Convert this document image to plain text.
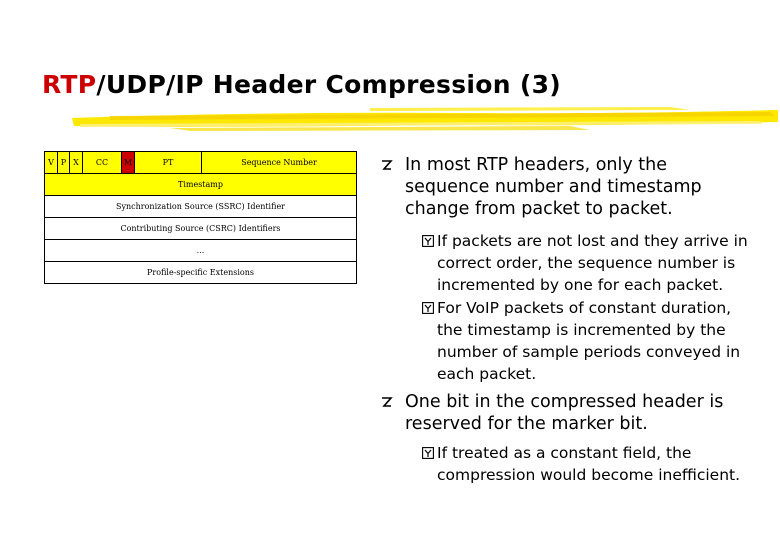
RTP/UDP/IP Header Compression (3)
V P X CC M	PT	Sequence Number
Timestamp
Synchronization Source (SSRC) Identifier
Contributing Source (CSRC) Identifiers
...
Profile-specific Extensions
In most RTP headers, only the sequence number and timestamp change from packet to packet.
If packets are not lost and they arrive in correct order, the sequence number is incremented by one for each packet.
For VoIP packets of constant duration, the timestamp is incremented by the number of sample periods conveyed in each packet.
One bit in the compressed header is reserved for the marker bit.
If treated as a constant field, the compression would become inefficient.
